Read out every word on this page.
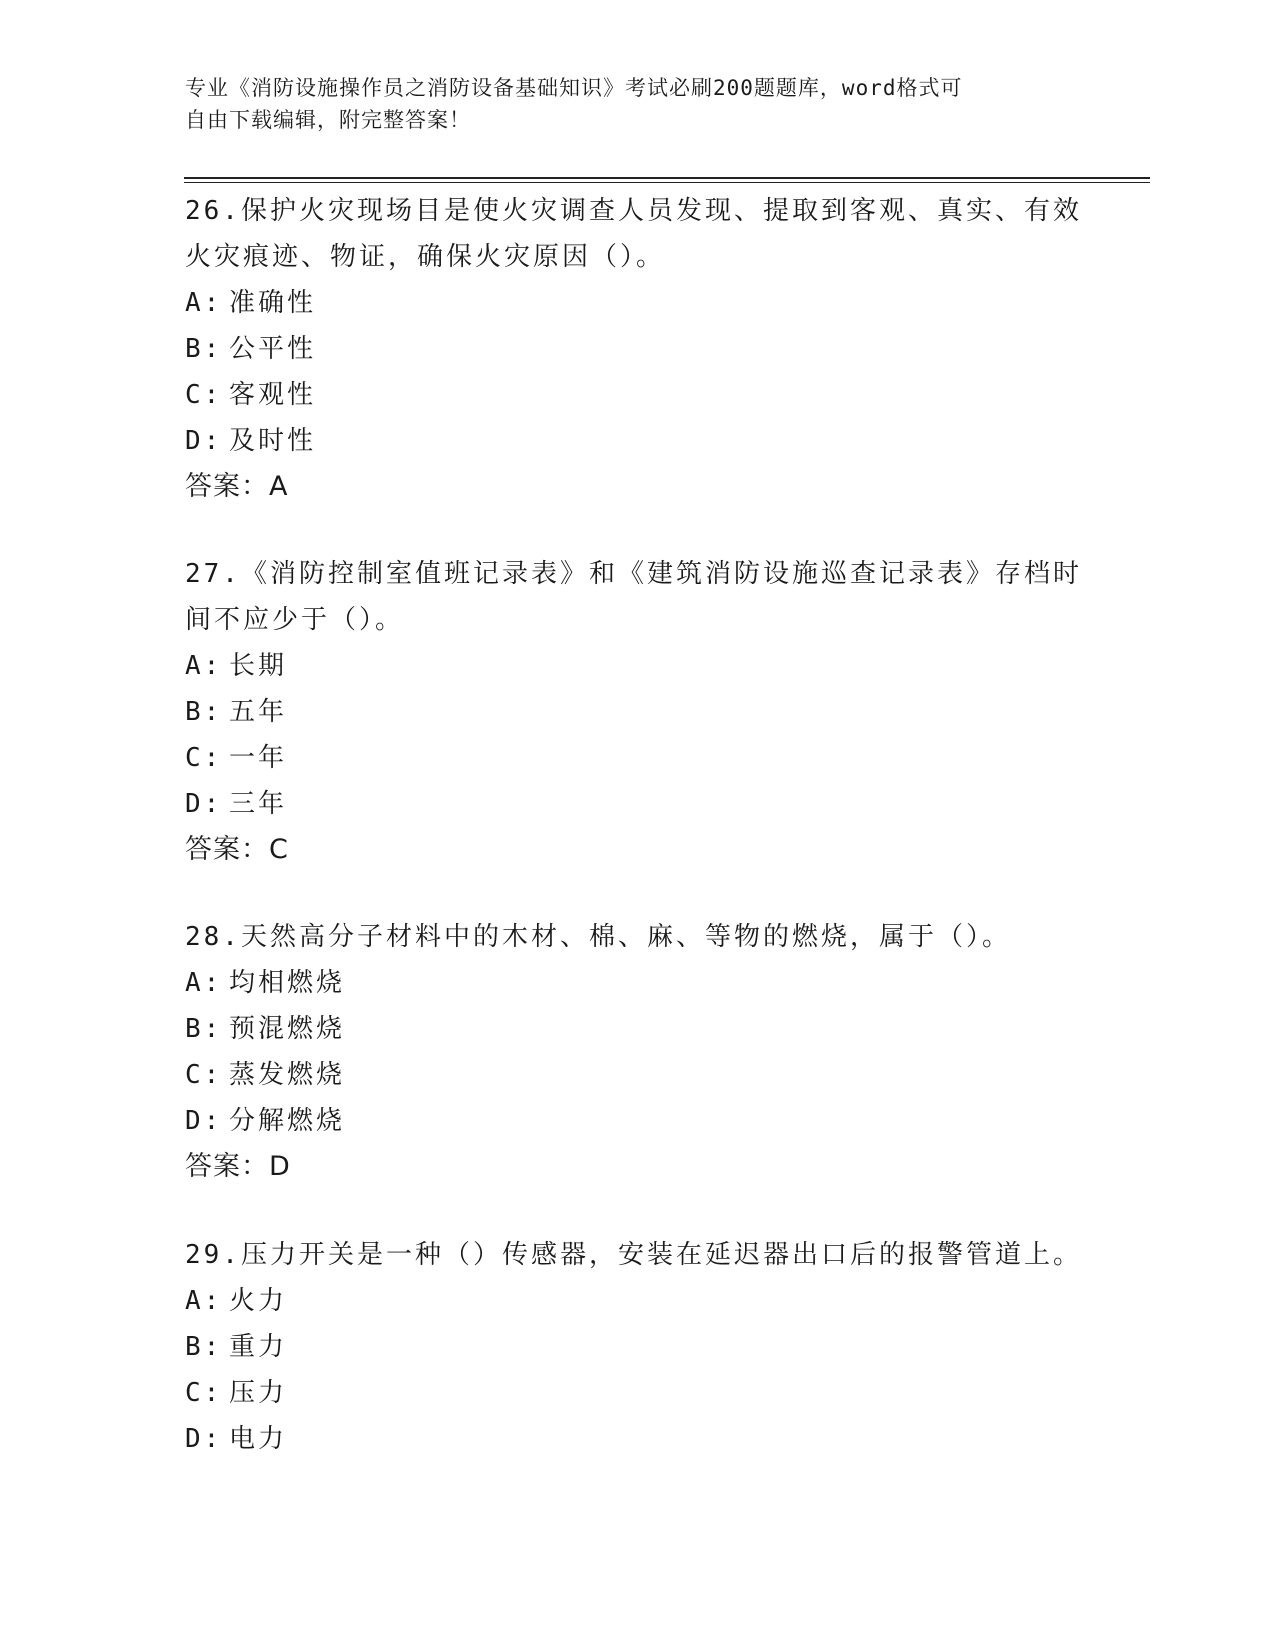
专业《消防设施操作员之消防设备基础知识》考试必刷200题题库，word格式可
自由下载编辑，附完整答案！
26.保护火灾现场目是使火灾调查人员发现、提取到客观、真实、有效
火灾痕迹、物证，确保火灾原因（）。
A: 准确性
B: 公平性
C: 客观性
D: 及时性
答案：A
27.《消防控制室值班记录表》和《建筑消防设施巡查记录表》存档时
间不应少于（）。
A: 长期
B: 五年
C: 一年
D: 三年
答案：C
28.天然高分子材料中的木材、棉、麻、等物的燃烧，属于（）。
A: 均相燃烧
B: 预混燃烧
C: 蒸发燃烧
D: 分解燃烧
答案：D
29.压力开关是一种（）传感器，安装在延迟器出口后的报警管道上。
A: 火力
B: 重力
C: 压力
D: 电力
